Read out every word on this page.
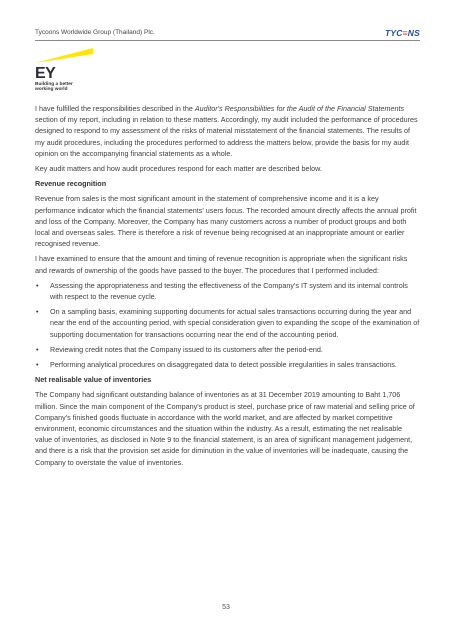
Tycoons Worldwide Group (Thailand) Plc.	TYC≡NS
EY
Building a better
working world

I have fulfilled the responsibilities described in the Auditor's Responsibilities for the Audit of the Financial Statements section of my report, including in relation to these matters. Accordingly, my audit included the performance of procedures designed to respond to my assessment of the risks of material misstatement of the financial statements. The results of my audit procedures, including the procedures performed to address the matters below, provide the basis for my audit opinion on the accompanying financial statements as a whole.

Key audit matters and how audit procedures respond for each matter are described below.

Revenue recognition

Revenue from sales is the most significant amount in the statement of comprehensive income and it is a key performance indicator which the financial statements' users focus. The recorded amount directly affects the annual profit and loss of the Company. Moreover, the Company has many customers across a number of product groups and both local and overseas sales. There is therefore a risk of revenue being recognised at an inappropriate amount or earlier recognised revenue.

I have examined to ensure that the amount and timing of revenue recognition is appropriate when the significant risks and rewards of ownership of the goods have passed to the buyer. The procedures that I performed included:

• Assessing the appropriateness and testing the effectiveness of the Company's IT system and its internal controls with respect to the revenue cycle.
• On a sampling basis, examining supporting documents for actual sales transactions occurring during the year and near the end of the accounting period, with special consideration given to expanding the scope of the examination of supporting documentation for transactions occurring near the end of the accounting period.
• Reviewing credit notes that the Company issued to its customers after the period-end.
• Performing analytical procedures on disaggregated data to detect possible irregularities in sales transactions.

Net realisable value of inventories

The Company had significant outstanding balance of inventories as at 31 December 2019 amounting to Baht 1,706 million. Since the main component of the Company's product is steel, purchase price of raw material and selling price of Company's finished goods fluctuate in accordance with the world market, and are affected by market competitive environment, economic circumstances and the situation within the industry. As a result, estimating the net realisable value of inventories, as disclosed in Note 9 to the financial statement, is an area of significant management judgement, and there is a risk that the provision set aside for diminution in the value of inventories will be inadequate, causing the Company to overstate the value of inventories.

53
